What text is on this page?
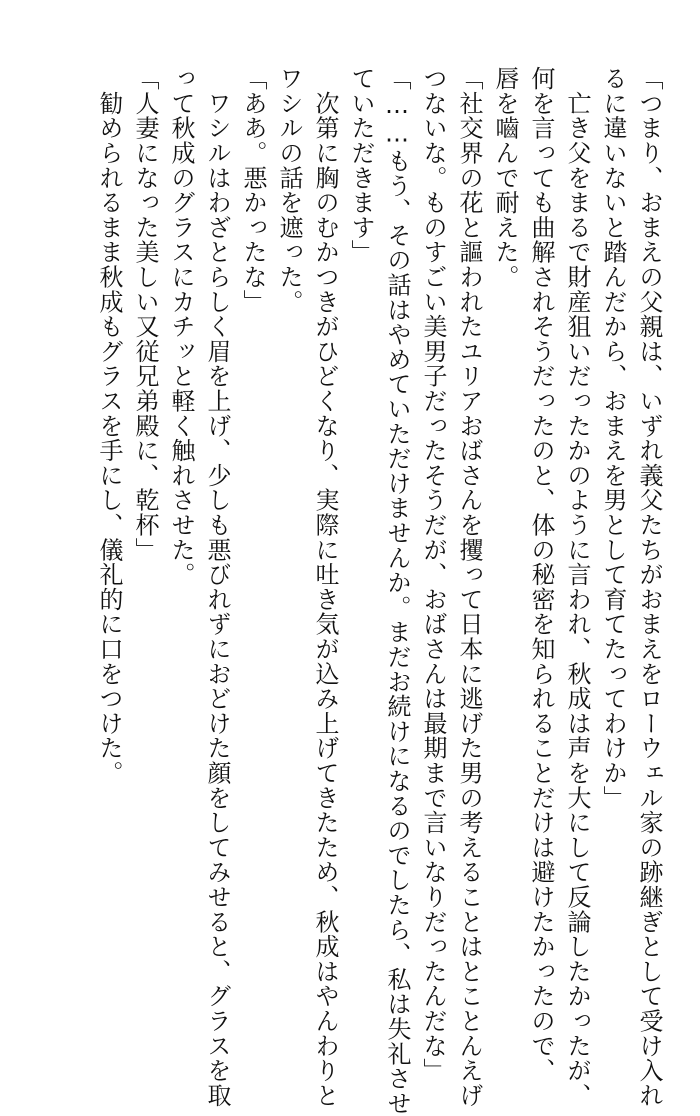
「つまり、おまえの父親は、いずれ義父たちがおまえをローウェル家の跡継ぎとして受け入れ
るに違いないと踏んだから、おまえを男として育てたってわけか」
　亡き父をまるで財産狙いだったかのように言われ、秋成は声を大にして反論したかったが、
何を言っても曲解されそうだったのと、体の秘密を知られることだけは避けたかったので、
唇を嚙んで耐えた。
「社交界の花と謳われたユリアおばさんを攫って日本に逃げた男の考えることはとことんえげ
つないな。ものすごい美男子だったそうだが、おばさんは最期まで言いなりだったんだな」
「……もう、その話はやめていただけませんか。まだお続けになるのでしたら、私は失礼させ
ていただきます」
　次第に胸のむかつきがひどくなり、実際に吐き気が込み上げてきたため、秋成はやんわりと
ワシルの話を遮った。
「ああ。悪かったな」
　ワシルはわざとらしく眉を上げ、少しも悪びれずにおどけた顔をしてみせると、グラスを取
って秋成のグラスにカチッと軽く触れさせた。
「人妻になった美しい又従兄弟殿に、乾杯」
　勧められるまま秋成もグラスを手にし、儀礼的に口をつけた。
